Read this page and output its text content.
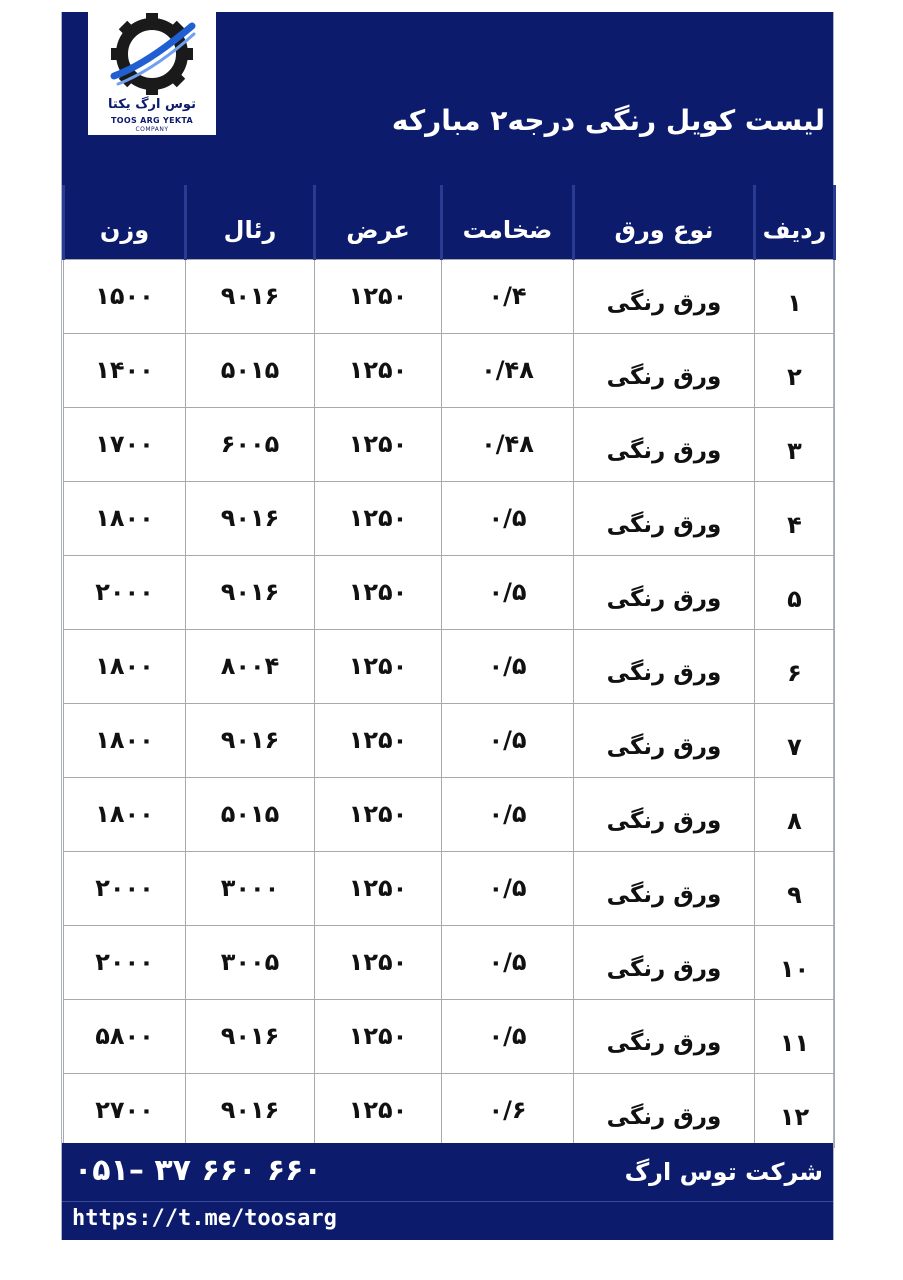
توس ارگ یکتا
TOOS ARG YEKTA
COMPANY	لیست کویل رنگی درجه۲ مبارکه
ردیف	نوع ورق	ضخامت	عرض	رئال	وزن
۱	ورق رنگی	۰/۴	۱۲۵۰	۹۰۱۶	۱۵۰۰
۲	ورق رنگی	۰/۴۸	۱۲۵۰	۵۰۱۵	۱۴۰۰
۳	ورق رنگی	۰/۴۸	۱۲۵۰	۶۰۰۵	۱۷۰۰
۴	ورق رنگی	۰/۵	۱۲۵۰	۹۰۱۶	۱۸۰۰
۵	ورق رنگی	۰/۵	۱۲۵۰	۹۰۱۶	۲۰۰۰
۶	ورق رنگی	۰/۵	۱۲۵۰	۸۰۰۴	۱۸۰۰
۷	ورق رنگی	۰/۵	۱۲۵۰	۹۰۱۶	۱۸۰۰
۸	ورق رنگی	۰/۵	۱۲۵۰	۵۰۱۵	۱۸۰۰
۹	ورق رنگی	۰/۵	۱۲۵۰	۳۰۰۰	۲۰۰۰
۱۰	ورق رنگی	۰/۵	۱۲۵۰	۳۰۰۵	۲۰۰۰
۱۱	ورق رنگی	۰/۵	۱۲۵۰	۹۰۱۶	۵۸۰۰
۱۲	ورق رنگی	۰/۶	۱۲۵۰	۹۰۱۶	۲۷۰۰
۰۵۱– ۳۷ ۶۶۰ ۶۶۰	شرکت توس ارگ
https://t.me/toosarg
